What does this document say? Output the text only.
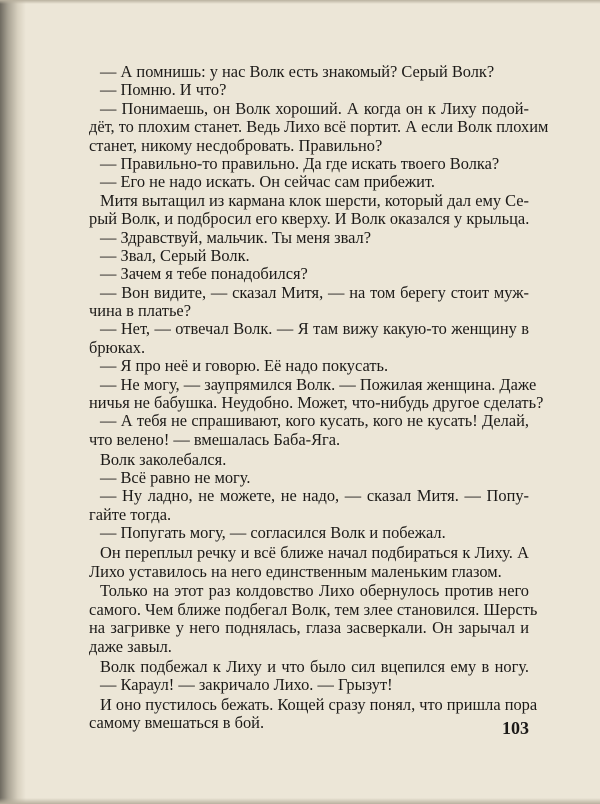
— А помнишь: у нас Волк есть знакомый? Серый Волк?
— Помню. И что?
— Понимаешь, он Волк хороший. А когда он к Лиху подой-
дёт, то плохим станет. Ведь Лихо всё портит. А если Волк плохим
станет, никому несдобровать. Правильно?
— Правильно-то правильно. Да где искать твоего Волка?
— Его не надо искать. Он сейчас сам прибежит.
Митя вытащил из кармана клок шерсти, который дал ему Се-
рый Волк, и подбросил его кверху. И Волк оказался у крыльца.
— Здравствуй, мальчик. Ты меня звал?
— Звал, Серый Волк.
— Зачем я тебе понадобился?
— Вон видите, — сказал Митя, — на том берегу стоит муж-
чина в платье?
— Нет, — отвечал Волк. — Я там вижу какую-то женщину в
брюках.
— Я про неё и говорю. Её надо покусать.
— Не могу, — заупрямился Волк. — Пожилая женщина. Даже
ничья не бабушка. Неудобно. Может, что-нибудь другое сделать?
— А тебя не спрашивают, кого кусать, кого не кусать! Делай,
что велено! — вмешалась Баба-Яга.
Волк заколебался.
— Всё равно не могу.
— Ну ладно, не можете, не надо, — сказал Митя. — Попу-
гайте тогда.
— Попугать могу, — согласился Волк и побежал.
Он переплыл речку и всё ближе начал подбираться к Лиху. А
Лихо уставилось на него единственным маленьким глазом.
Только на этот раз колдовство Лихо обернулось против него
самого. Чем ближе подбегал Волк, тем злее становился. Шерсть
на загривке у него поднялась, глаза засверкали. Он зарычал и
даже завыл.
Волк подбежал к Лиху и что было сил вцепился ему в ногу.
— Караул! — закричало Лихо. — Грызут!
И оно пустилось бежать. Кощей сразу понял, что пришла пора
самому вмешаться в бой.	103
